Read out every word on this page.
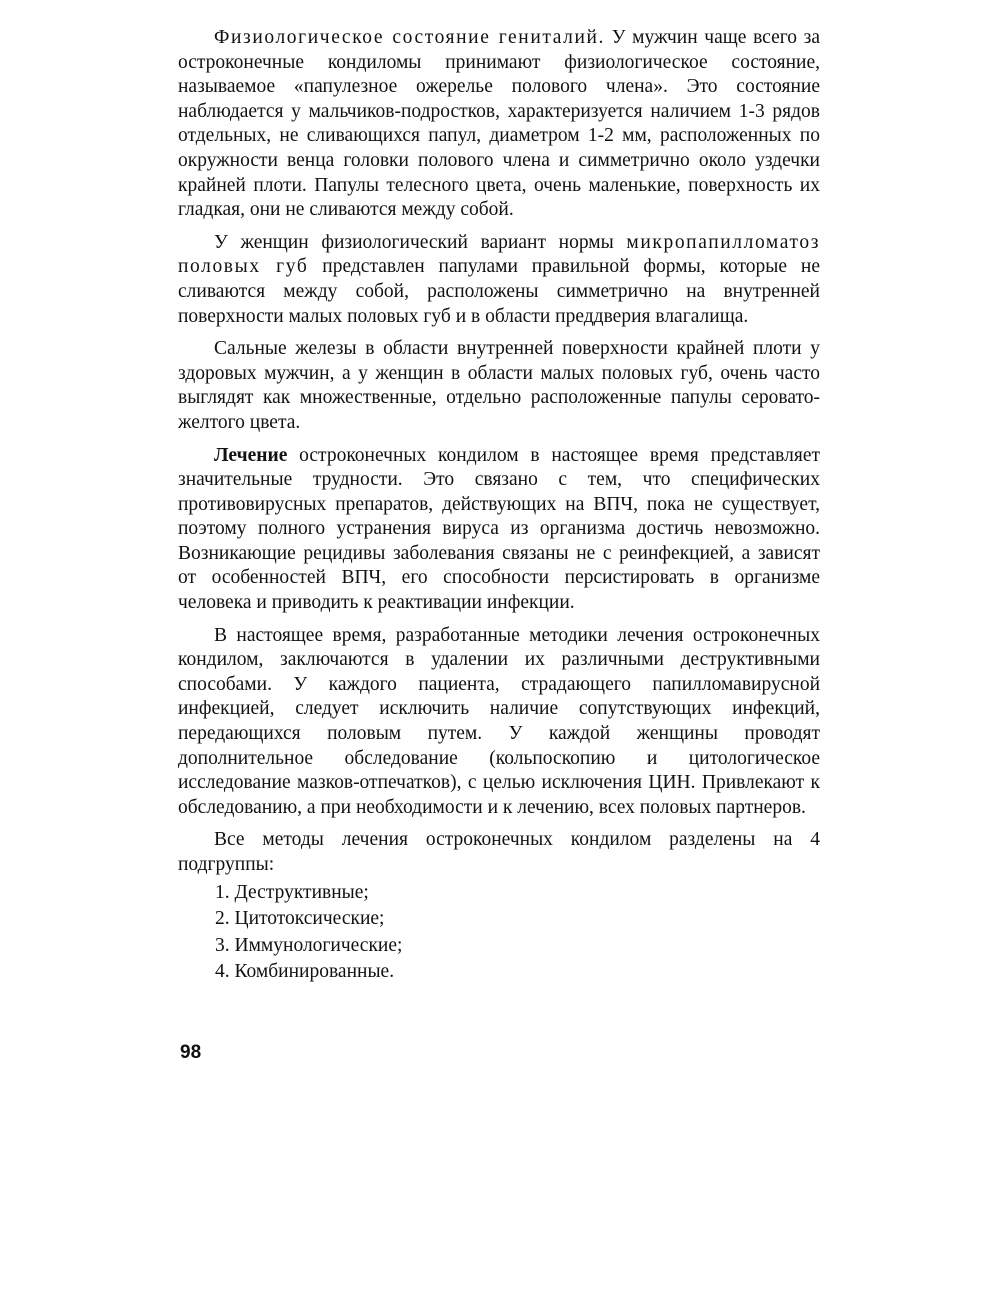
Физиологическое состояние гениталий. У мужчин чаще всего за остроконечные кондиломы принимают физиологическое состояние, называемое «папулезное ожерелье полового члена». Это состояние наблюдается у мальчиков-подростков, характеризуется наличием 1-3 рядов отдельных, не сливающихся папул, диаметром 1-2 мм, расположенных по окружности венца головки полового члена и симметрично около уздечки крайней плоти. Папулы телесного цвета, очень маленькие, поверхность их гладкая, они не сливаются между собой.

У женщин физиологический вариант нормы микропапилломатоз половых губ представлен папулами правильной формы, которые не сливаются между собой, расположены симметрично на внутренней поверхности малых половых губ и в области преддверия влагалища.

Сальные железы в области внутренней поверхности крайней плоти у здоровых мужчин, а у женщин в области малых половых губ, очень часто выглядят как множественные, отдельно расположенные папулы серовато-желтого цвета.

Лечение остроконечных кондилом в настоящее время представляет значительные трудности. Это связано с тем, что специфических противовирусных препаратов, действующих на ВПЧ, пока не существует, поэтому полного устранения вируса из организма достичь невозможно. Возникающие рецидивы заболевания связаны не с реинфекцией, а зависят от особенностей ВПЧ, его способности персистировать в организме человека и приводить к реактивации инфекции.

В настоящее время, разработанные методики лечения остроконечных кондилом, заключаются в удалении их различными деструктивными способами. У каждого пациента, страдающего папилломавирусной инфекцией, следует исключить наличие сопутствующих инфекций, передающихся половым путем. У каждой женщины проводят дополнительное обследование (кольпоскопию и цитологическое исследование мазков-отпечатков), с целью исключения ЦИН. Привлекают к обследованию, а при необходимости и к лечению, всех половых партнеров.

Все методы лечения остроконечных кондилом разделены на 4 подгруппы:

1. Деструктивные;
2. Цитотоксические;
3. Иммунологические;
4. Комбинированные.
98
